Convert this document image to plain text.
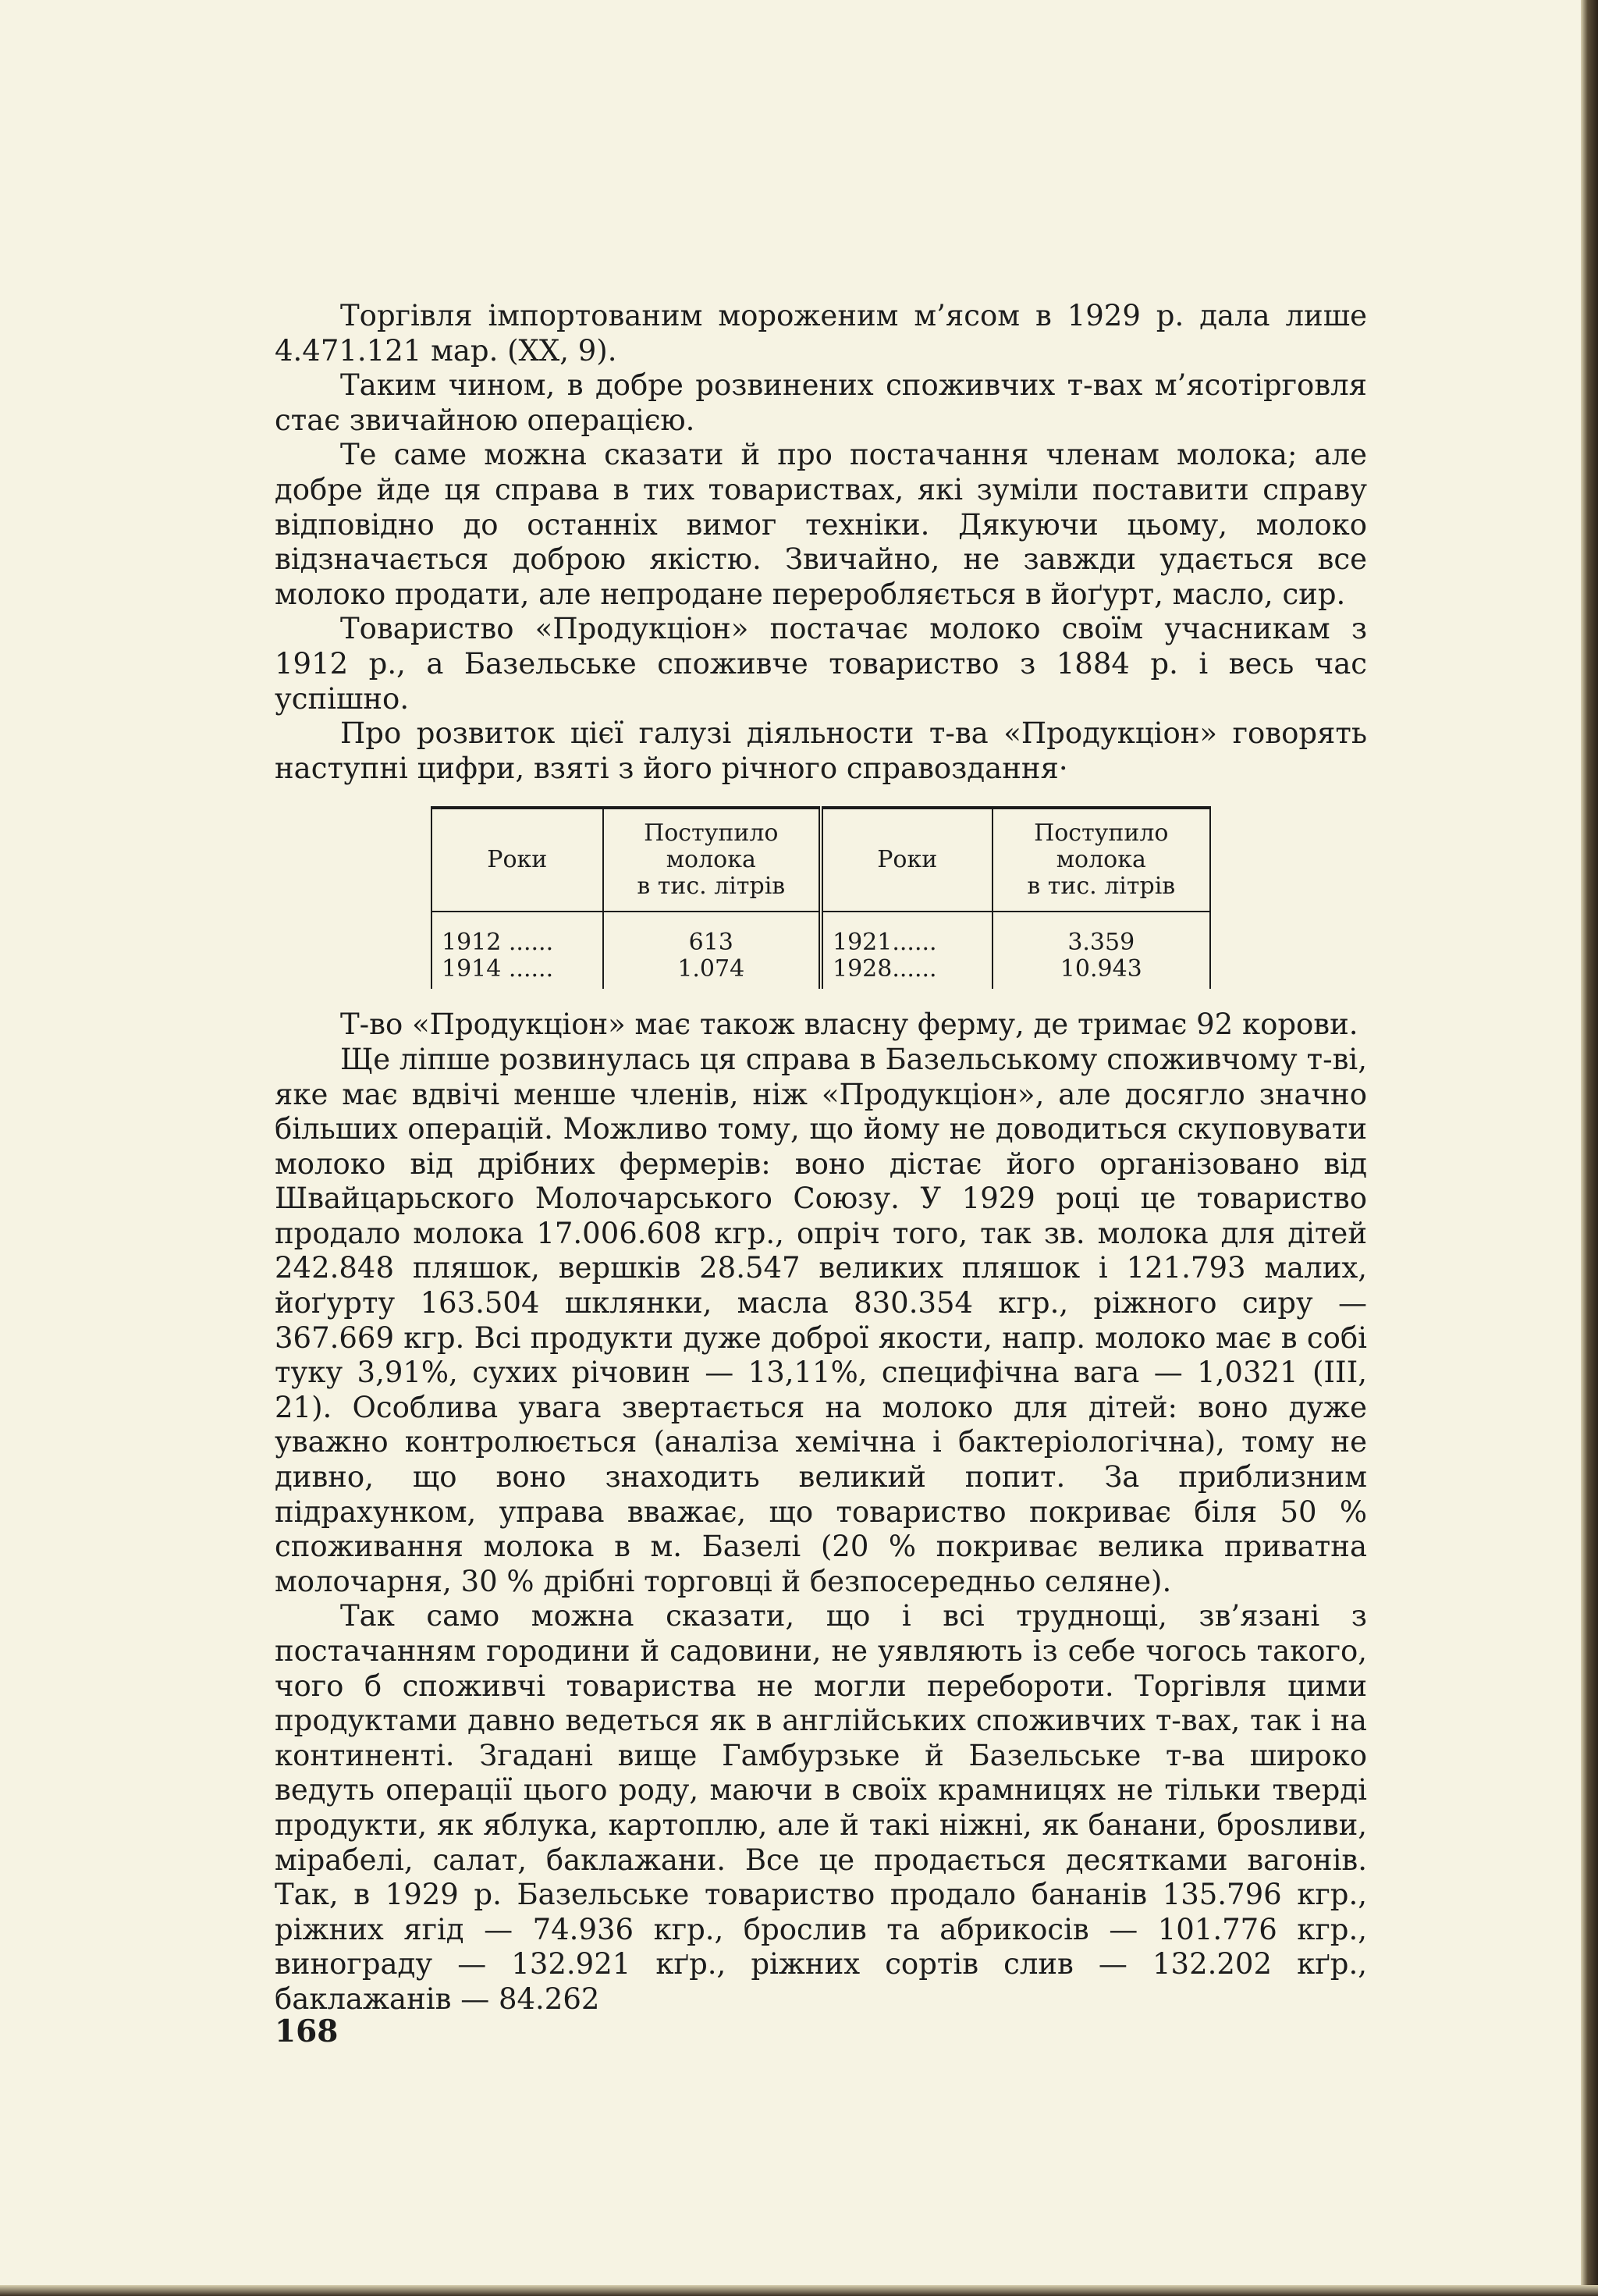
Торгівля імпортованим мороженим м’ясом в 1929 р. дала лише 4.471.121 мар. (XX, 9).

Таким чином, в добре розвинених споживчих т-вах м’ясотірговля стає звичайною операцією.

Те саме можна сказати й про постачання членам молока; але добре йде ця справа в тих товариствах, які зуміли поставити справу відповідно до останніх вимог техніки. Дякуючи цьому, молоко відзначається доброю якістю. Звичайно, не завжди удається все молоко продати, але непродане переробляється в йоґурт, масло, сир.

Товариство «Продукціон» постачає молоко своїм учасникам з 1912 р., а Базельське споживче товариство з 1884 р. і весь час успішно.

Про розвиток цієї галузі діяльности т-ва «Продукціон» говорять наступні цифри, взяті з його річного справоздання·

Роки	Поступило
молока
в тис. літрів	Роки	Поступило
молока
в тис. літрів
1912 ......	613	1921......	3.359
1914 ......	1.074	1928......	10.943

Т-во «Продукціон» має також власну ферму, де тримає 92 корови.

Ще ліпше розвинулась ця справа в Базельському споживчому т-ві, яке має вдвічі менше членів, ніж «Продукціон», але досягло значно більших операцій. Можливо тому, що йому не доводиться скуповувати молоко від дрібних фермерів: воно дістає його організовано від Швайцарьского Молочарського Союзу. У 1929 році це товариство продало молока 17.006.608 кгр., опріч того, так зв. молока для дітей 242.848 пляшок, вершків 28.547 великих пляшок і 121.793 малих, йоґурту 163.504 шклянки, масла 830.354 кгр., ріжного сиру — 367.669 кгр. Всі продукти дуже доброї якости, напр. молоко має в собі туку 3,91%, сухих річовин — 13,11%, специфічна вага — 1,0321 (III, 21). Особлива увага звертається на молоко для дітей: воно дуже уважно контролюється (аналіза хемічна і бактеріологічна), тому не дивно, що воно знаходить великий попит. За приблизним підрахунком, управа вважає, що товариство покриває біля 50 % споживання молока в м. Базелі (20 % покриває велика приватна молочарня, 30 % дрібні торговці й безпосередньо селяне).

Так само можна сказати, що і всі труднощі, зв’язані з постачанням городини й садовини, не уявляють із себе чогось такого, чого б споживчі товариства не могли перебороти. Торгівля цими продуктами давно ведеться як в англійських споживчих т-вах, так і на континенті. Згадані вище Гамбурзьке й Базельське т-ва широко ведуть операції цього роду, маючи в своїх крамницях не тільки тверді продукти, як яблука, картоплю, але й такі ніжні, як банани, брosливи, мірабелі, салат, баклажани. Все це продається десятками вагонів. Так, в 1929 р. Базельське товариство продало бананів 135.796 кгр., ріжних ягід — 74.936 кгр., брослив та абрикосів — 101.776 кгр., винограду — 132.921 кґр., ріжних сортів слив — 132.202 кґр., баклажанів — 84.262

168
